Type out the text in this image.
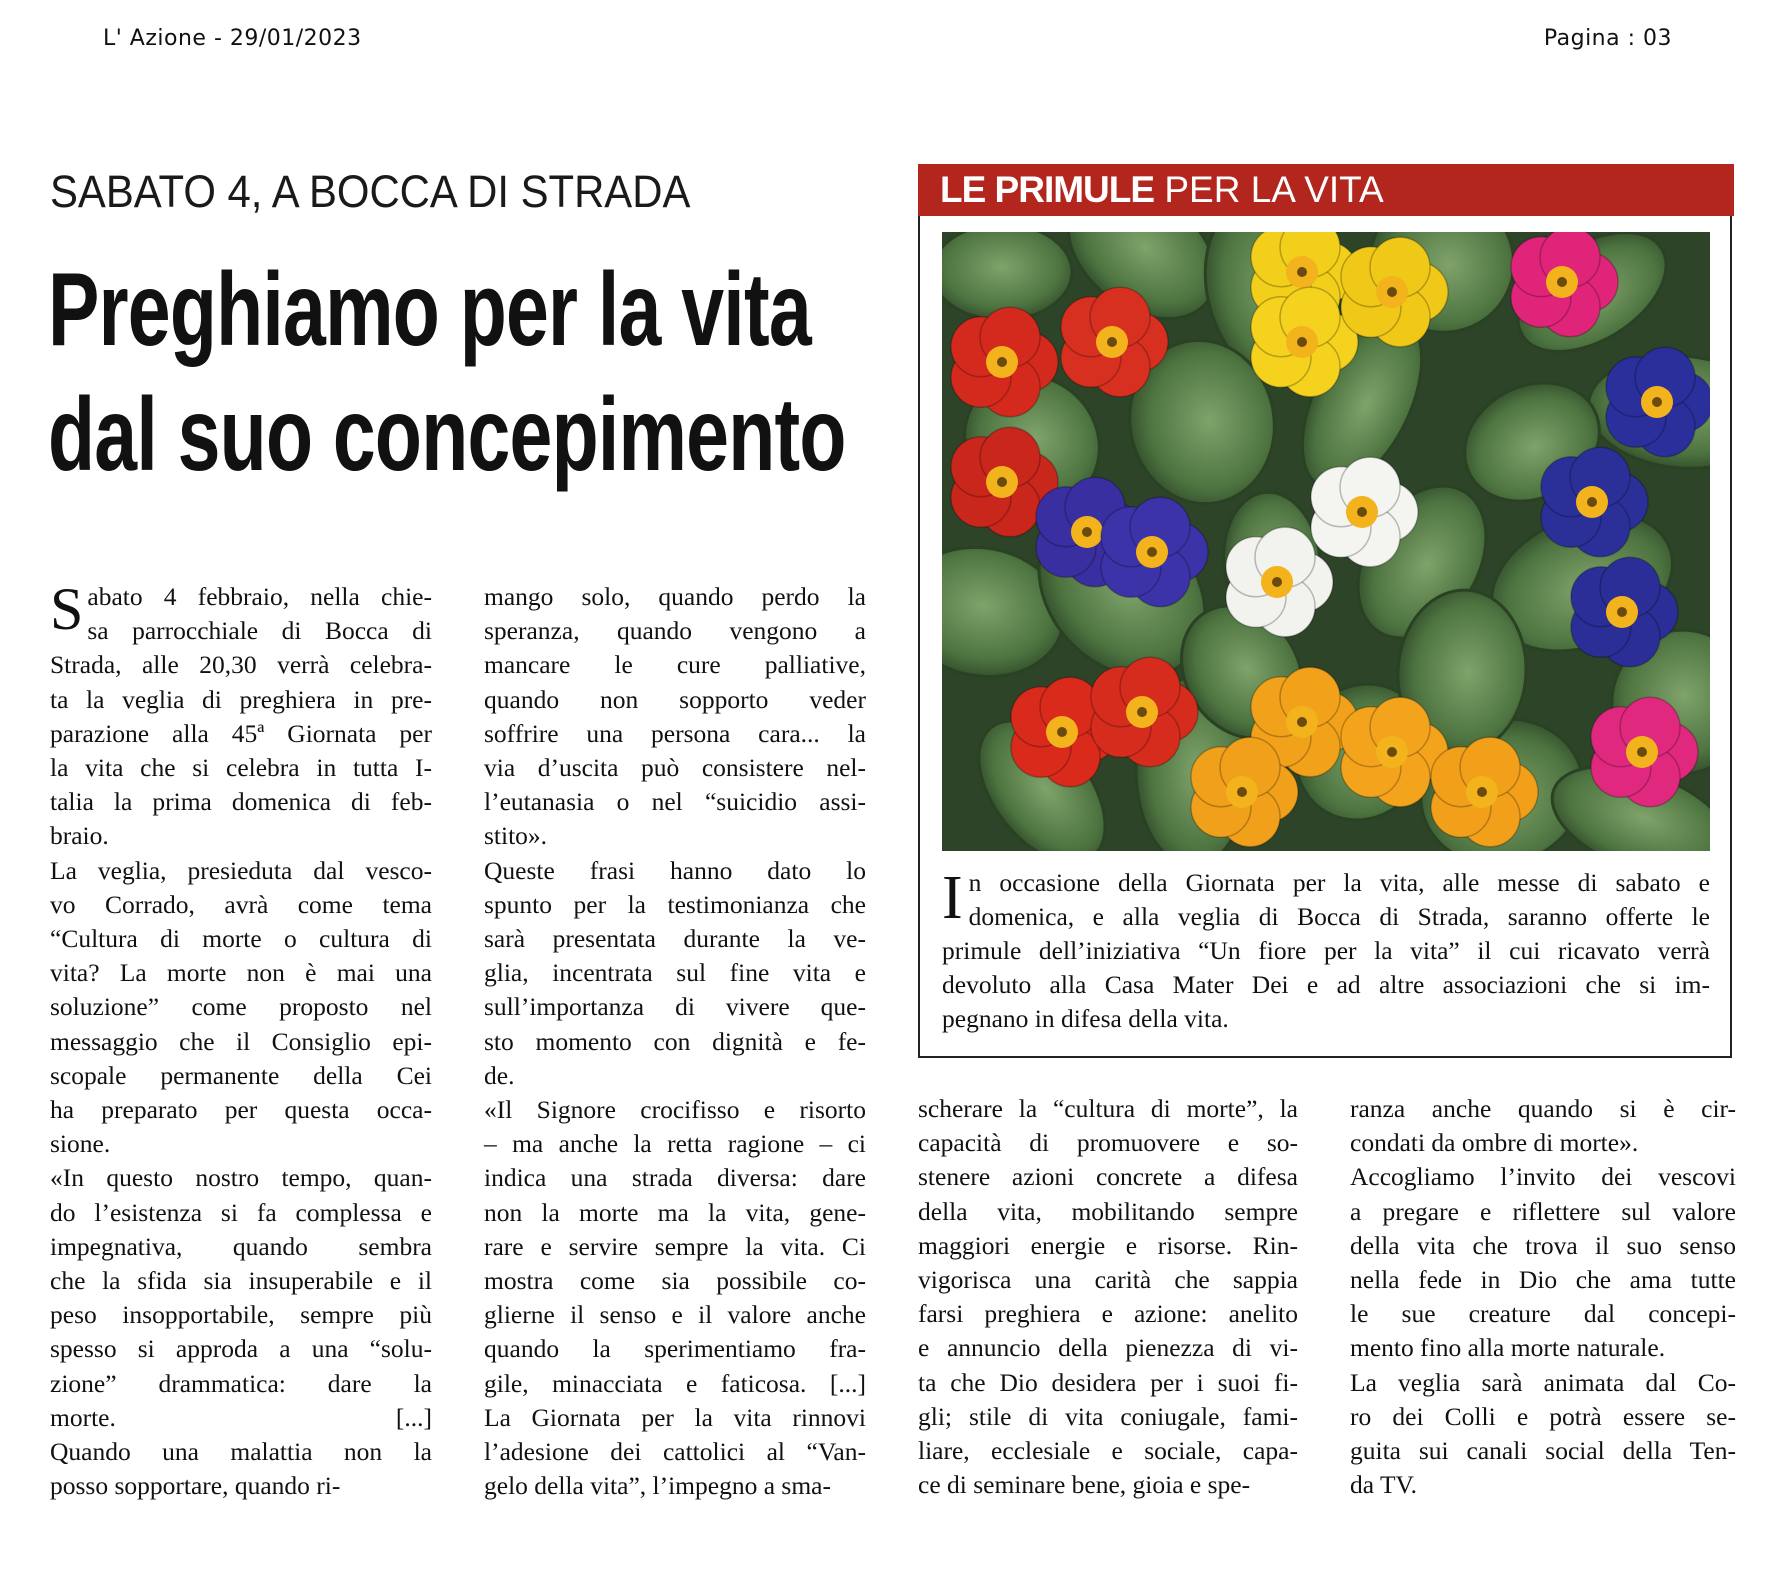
L' Azione - 29/01/2023	Pagina : 03
SABATO 4, A BOCCA DI STRADA
Preghiamo per la vita
dal suo concepimento
S abato 4 febbraio, nella chie-
sa parrocchiale di Bocca di
Strada, alle 20,30 verrà celebra-
ta la veglia di preghiera in pre-
parazione alla 45ª Giornata per
la vita che si celebra in tutta I-
talia la prima domenica di feb-
braio.
La veglia, presieduta dal vesco-
vo Corrado, avrà come tema
“Cultura di morte o cultura di
vita? La morte non è mai una
soluzione” come proposto nel
messaggio che il Consiglio epi-
scopale permanente della Cei
ha preparato per questa occa-
sione.
«In questo nostro tempo, quan-
do l’esistenza si fa complessa e
impegnativa, quando sembra
che la sfida sia insuperabile e il
peso insopportabile, sempre più
spesso si approda a una “solu-
zione” drammatica: dare la
morte. [...]
Quando una malattia non la
posso sopportare, quando ri-
mango solo, quando perdo la
speranza, quando vengono a
mancare le cure palliative,
quando non sopporto veder
soffrire una persona cara... la
via d’uscita può consistere nel-
l’eutanasia o nel “suicidio assi-
stito».
Queste frasi hanno dato lo
spunto per la testimonianza che
sarà presentata durante la ve-
glia, incentrata sul fine vita e
sull’importanza di vivere que-
sto momento con dignità e fe-
de.
«Il Signore crocifisso e risorto
– ma anche la retta ragione – ci
indica una strada diversa: dare
non la morte ma la vita, gene-
rare e servire sempre la vita. Ci
mostra come sia possibile co-
glierne il senso e il valore anche
quando la sperimentiamo fra-
gile, minacciata e faticosa. [...]
La Giornata per la vita rinnovi
l’adesione dei cattolici al “Van-
gelo della vita”, l’impegno a sma-
scherare la “cultura di morte”, la
capacità di promuovere e so-
stenere azioni concrete a difesa
della vita, mobilitando sempre
maggiori energie e risorse. Rin-
vigorisca una carità che sappia
farsi preghiera e azione: anelito
e annuncio della pienezza di vi-
ta che Dio desidera per i suoi fi-
gli; stile di vita coniugale, fami-
liare, ecclesiale e sociale, capa-
ce di seminare bene, gioia e spe-
ranza anche quando si è cir-
condati da ombre di morte».
Accogliamo l’invito dei vescovi
a pregare e riflettere sul valore
della vita che trova il suo senso
nella fede in Dio che ama tutte
le sue creature dal concepi-
mento fino alla morte naturale.
La veglia sarà animata dal Co-
ro dei Colli e potrà essere se-
guita sui canali social della Ten-
da TV.
LE PRIMULE PER LA VITA
I n occasione della Giornata per la vita, alle messe di sabato e
domenica, e alla veglia di Bocca di Strada, saranno offerte le
primule dell’iniziativa “Un fiore per la vita” il cui ricavato verrà
devoluto alla Casa Mater Dei e ad altre associazioni che si im-
pegnano in difesa della vita.
